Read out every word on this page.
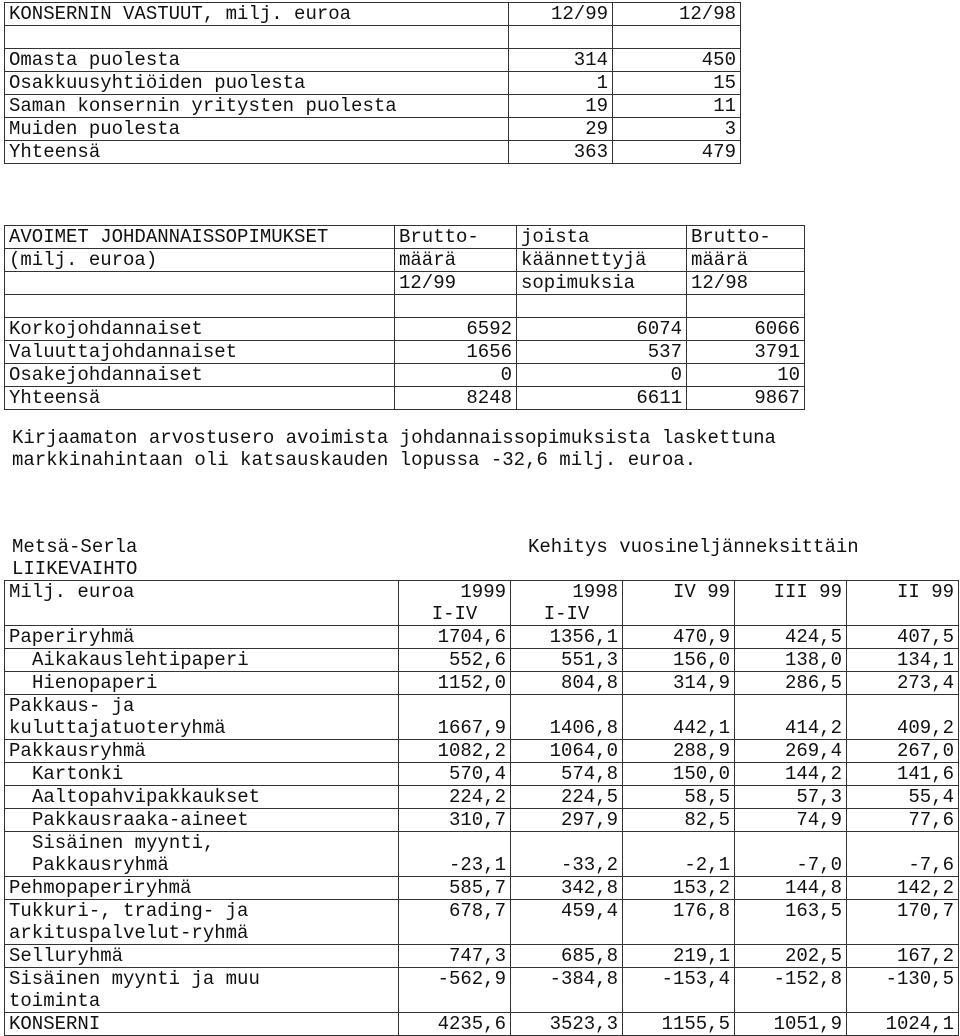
KONSERNIN VASTUUT, milj. euroa	12/99	12/98

Omasta puolesta	314	450
Osakkuusyhtiöiden puolesta	1	15
Saman konsernin yritysten puolesta	19	11
Muiden puolesta	29	3
Yhteensä	363	479
AVOIMET JOHDANNAISSOPIMUKSET	Brutto-	joista	Brutto-
(milj. euroa)	määrä	käännettyjä	määrä
	12/99	sopimuksia	12/98

Korkojohdannaiset	6592	6074	6066
Valuuttajohdannaiset	1656	537	3791
Osakejohdannaiset	0	0	10
Yhteensä	8248	6611	9867
Kirjaamaton arvostusero avoimista johdannaissopimuksista laskettuna
markkinahintaan oli katsauskauden lopussa -32,6 milj. euroa.
Metsä-Serla	Kehitys vuosineljänneksittäin
LIIKEVAIHTO
Milj. euroa	1999	1998	IV 99	III 99	II 99
	I-IV	I-IV			
Paperiryhmä	1704,6	1356,1	470,9	424,5	407,5
Aikakauslehtipaperi	552,6	551,3	156,0	138,0	134,1
Hienopaperi	1152,0	804,8	314,9	286,5	273,4
Pakkaus- ja					
kuluttajatuoteryhmä	1667,9	1406,8	442,1	414,2	409,2
Pakkausryhmä	1082,2	1064,0	288,9	269,4	267,0
Kartonki	570,4	574,8	150,0	144,2	141,6
Aaltopahvipakkaukset	224,2	224,5	58,5	57,3	55,4
Pakkausraaka-aineet	310,7	297,9	82,5	74,9	77,6
Sisäinen myynti,					
Pakkausryhmä	-23,1	-33,2	-2,1	-7,0	-7,6
Pehmopaperiryhmä	585,7	342,8	153,2	144,8	142,2
Tukkuri-, trading- ja	678,7	459,4	176,8	163,5	170,7
arkituspalvelut-ryhmä					
Selluryhmä	747,3	685,8	219,1	202,5	167,2
Sisäinen myynti ja muu	-562,9	-384,8	-153,4	-152,8	-130,5
toiminta					
KONSERNI	4235,6	3523,3	1155,5	1051,9	1024,1
